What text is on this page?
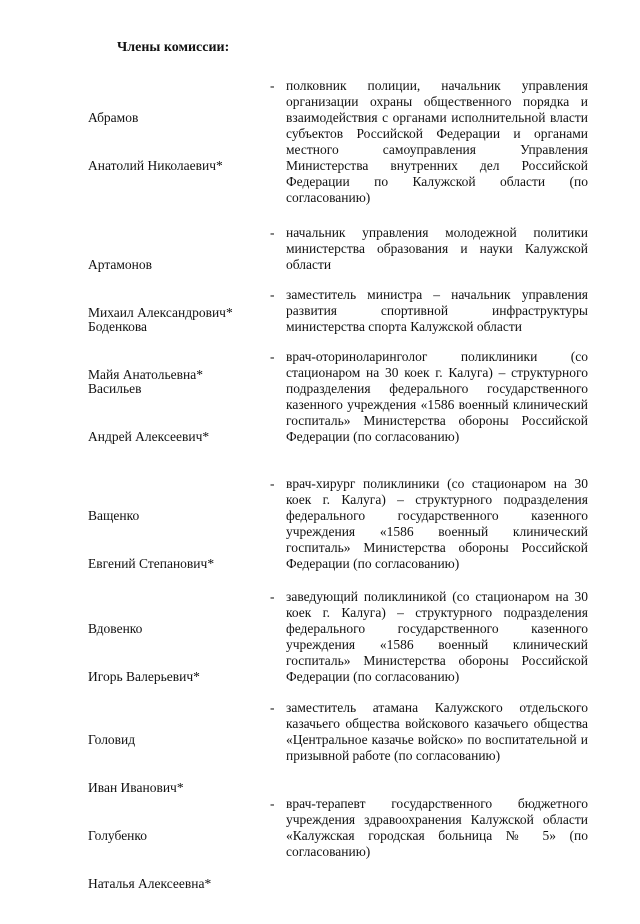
Члены комиссии:

Абрамов

Анатолий Николаевич*

- полковник полиции, начальник управления организации охраны общественного порядка и взаимодействия с органами исполнительной власти субъектов Российской Федерации и органами местного самоуправления Управления Министерства внутренних дел Российской Федерации по Калужской области (по согласованию)

Артамонов

Михаил Александрович*

- начальник управления молодежной политики министерства образования и науки Калужской области

Боденкова

Майя Анатольевна*

- заместитель министра – начальник управления развития спортивной инфраструктуры министерства спорта Калужской области

Васильев

Андрей Алексеевич*

- врач-оториноларинголог поликлиники (со стационаром на 30 коек г. Калуга) – структурного подразделения федерального государственного казенного учреждения «1586 военный клинический госпиталь» Министерства обороны Российской Федерации (по согласованию)

Ващенко

Евгений Степанович*

- врач-хирург поликлиники (со стационаром на 30 коек г. Калуга) – структурного подразделения федерального государственного казенного учреждения «1586 военный клинический госпиталь» Министерства обороны Российской Федерации (по согласованию)

Вдовенко

Игорь Валерьевич*

- заведующий поликлиникой (со стационаром на 30 коек г. Калуга) – структурного подразделения федерального государственного казенного учреждения «1586 военный клинический госпиталь» Министерства обороны Российской Федерации (по согласованию)

Головид

Иван Иванович*

- заместитель атамана Калужского отдельского казачьего общества войскового казачьего общества «Центральное казачье войско» по воспитательной и призывной работе (по согласованию)

Голубенко

Наталья Алексеевна*

- врач-терапевт государственного бюджетного учреждения здравоохранения Калужской области «Калужская городская больница № 5» (по согласованию)
